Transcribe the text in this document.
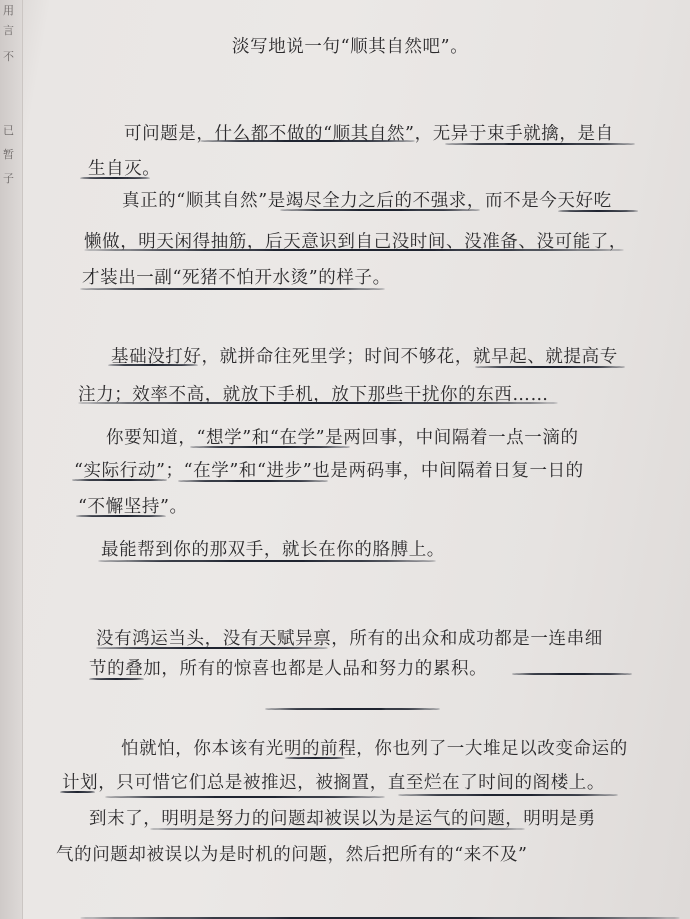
用
言
不
已
暂
子
淡写地说一句“顺其自然吧”。
可问题是，什么都不做的“顺其自然”，无异于束手就擒，是自
生自灭。
真正的“顺其自然”是竭尽全力之后的不强求，而不是今天好吃
懒做，明天闲得抽筋，后天意识到自己没时间、没准备、没可能了，
才装出一副“死猪不怕开水烫”的样子。
基础没打好，就拼命往死里学；时间不够花，就早起、就提高专
注力；效率不高，就放下手机，放下那些干扰你的东西……
你要知道，“想学”和“在学”是两回事，中间隔着一点一滴的
“实际行动”；“在学”和“进步”也是两码事，中间隔着日复一日的
“不懈坚持”。
最能帮到你的那双手，就长在你的胳膊上。
没有鸿运当头，没有天赋异禀，所有的出众和成功都是一连串细
节的叠加，所有的惊喜也都是人品和努力的累积。
怕就怕，你本该有光明的前程，你也列了一大堆足以改变命运的
计划，只可惜它们总是被推迟，被搁置，直至烂在了时间的阁楼上。
到末了，明明是努力的问题却被误以为是运气的问题，明明是勇
气的问题却被误以为是时机的问题，然后把所有的“来不及”
